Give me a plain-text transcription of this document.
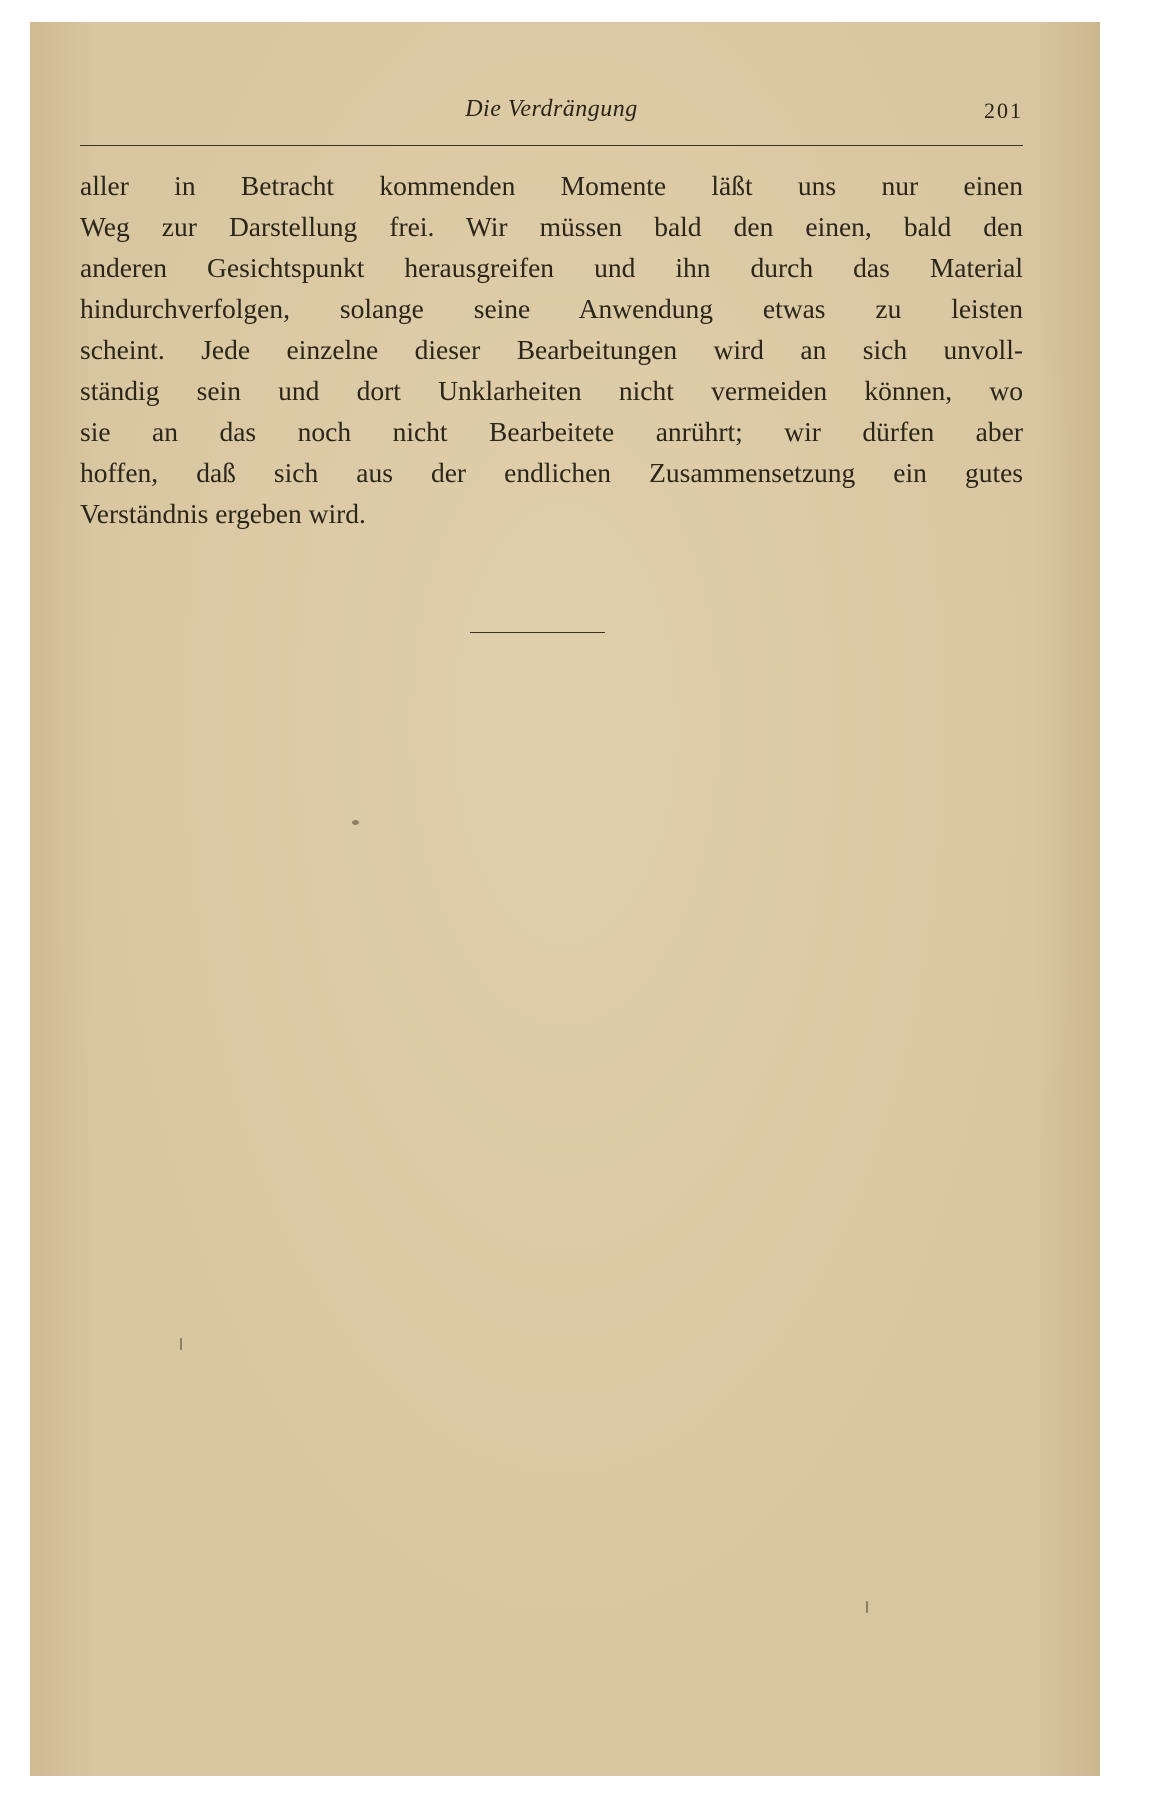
Die Verdrängung	201
aller in Betracht kommenden Momente läßt uns nur einen
Weg zur Darstellung frei. Wir müssen bald den einen, bald den
anderen Gesichtspunkt herausgreifen und ihn durch das Material
hindurchverfolgen, solange seine Anwendung etwas zu leisten
scheint. Jede einzelne dieser Bearbeitungen wird an sich unvoll-
ständig sein und dort Unklarheiten nicht vermeiden können, wo
sie an das noch nicht Bearbeitete anrührt; wir dürfen aber
hoffen, daß sich aus der endlichen Zusammensetzung ein gutes
Verständnis ergeben wird.
